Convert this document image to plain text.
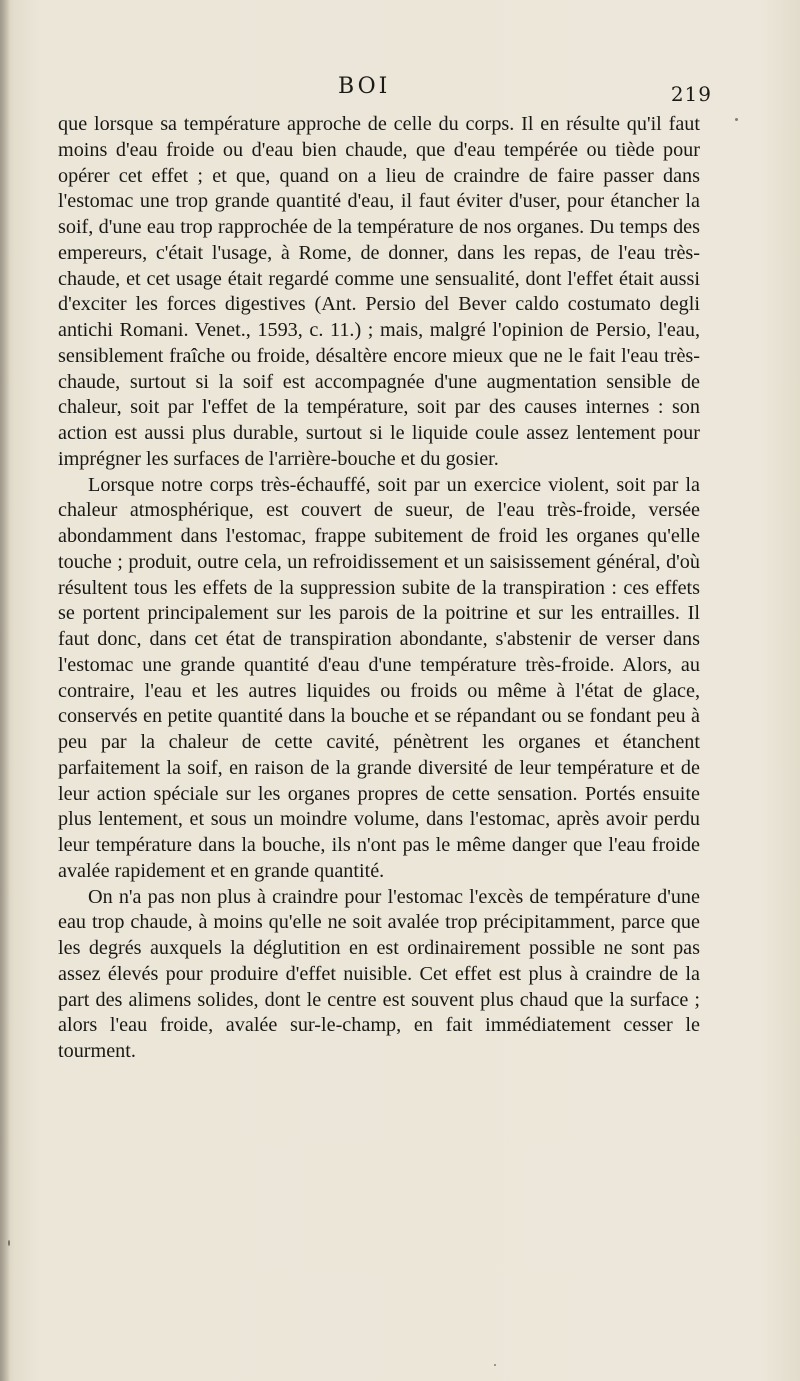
BOI	219

que lorsque sa température approche de celle du corps. Il en résulte qu'il faut moins d'eau froide ou d'eau bien chaude, que d'eau tempérée ou tiède pour opérer cet effet ; et que, quand on a lieu de craindre de faire passer dans l'estomac une trop grande quantité d'eau, il faut éviter d'user, pour étancher la soif, d'une eau trop rapprochée de la température de nos organes. Du temps des empereurs, c'était l'usage, à Rome, de donner, dans les repas, de l'eau très-chaude, et cet usage était regardé comme une sensualité, dont l'effet était aussi d'exciter les forces digestives (Ant. Persio del Bever caldo costumato degli antichi Romani. Venet., 1593, c. 11.) ; mais, malgré l'opinion de Persio, l'eau, sensiblement fraîche ou froide, désaltère encore mieux que ne le fait l'eau très-chaude, surtout si la soif est accompagnée d'une augmentation sensible de chaleur, soit par l'effet de la température, soit par des causes internes : son action est aussi plus durable, surtout si le liquide coule assez lentement pour imprégner les surfaces de l'arrière-bouche et du gosier.

Lorsque notre corps très-échauffé, soit par un exercice violent, soit par la chaleur atmosphérique, est couvert de sueur, de l'eau très-froide, versée abondamment dans l'estomac, frappe subitement de froid les organes qu'elle touche ; produit, outre cela, un refroidissement et un saisissement général, d'où résultent tous les effets de la suppression subite de la transpiration : ces effets se portent principalement sur les parois de la poitrine et sur les entrailles. Il faut donc, dans cet état de transpiration abondante, s'abstenir de verser dans l'estomac une grande quantité d'eau d'une température très-froide. Alors, au contraire, l'eau et les autres liquides ou froids ou même à l'état de glace, conservés en petite quantité dans la bouche et se répandant ou se fondant peu à peu par la chaleur de cette cavité, pénètrent les organes et étanchent parfaitement la soif, en raison de la grande diversité de leur température et de leur action spéciale sur les organes propres de cette sensation. Portés ensuite plus lentement, et sous un moindre volume, dans l'estomac, après avoir perdu leur température dans la bouche, ils n'ont pas le même danger que l'eau froide avalée rapidement et en grande quantité.

On n'a pas non plus à craindre pour l'estomac l'excès de température d'une eau trop chaude, à moins qu'elle ne soit avalée trop précipitamment, parce que les degrés auxquels la déglutition en est ordinairement possible ne sont pas assez élevés pour produire d'effet nuisible. Cet effet est plus à craindre de la part des alimens solides, dont le centre est souvent plus chaud que la surface ; alors l'eau froide, avalée sur-le-champ, en fait immédiatement cesser le tourment.
